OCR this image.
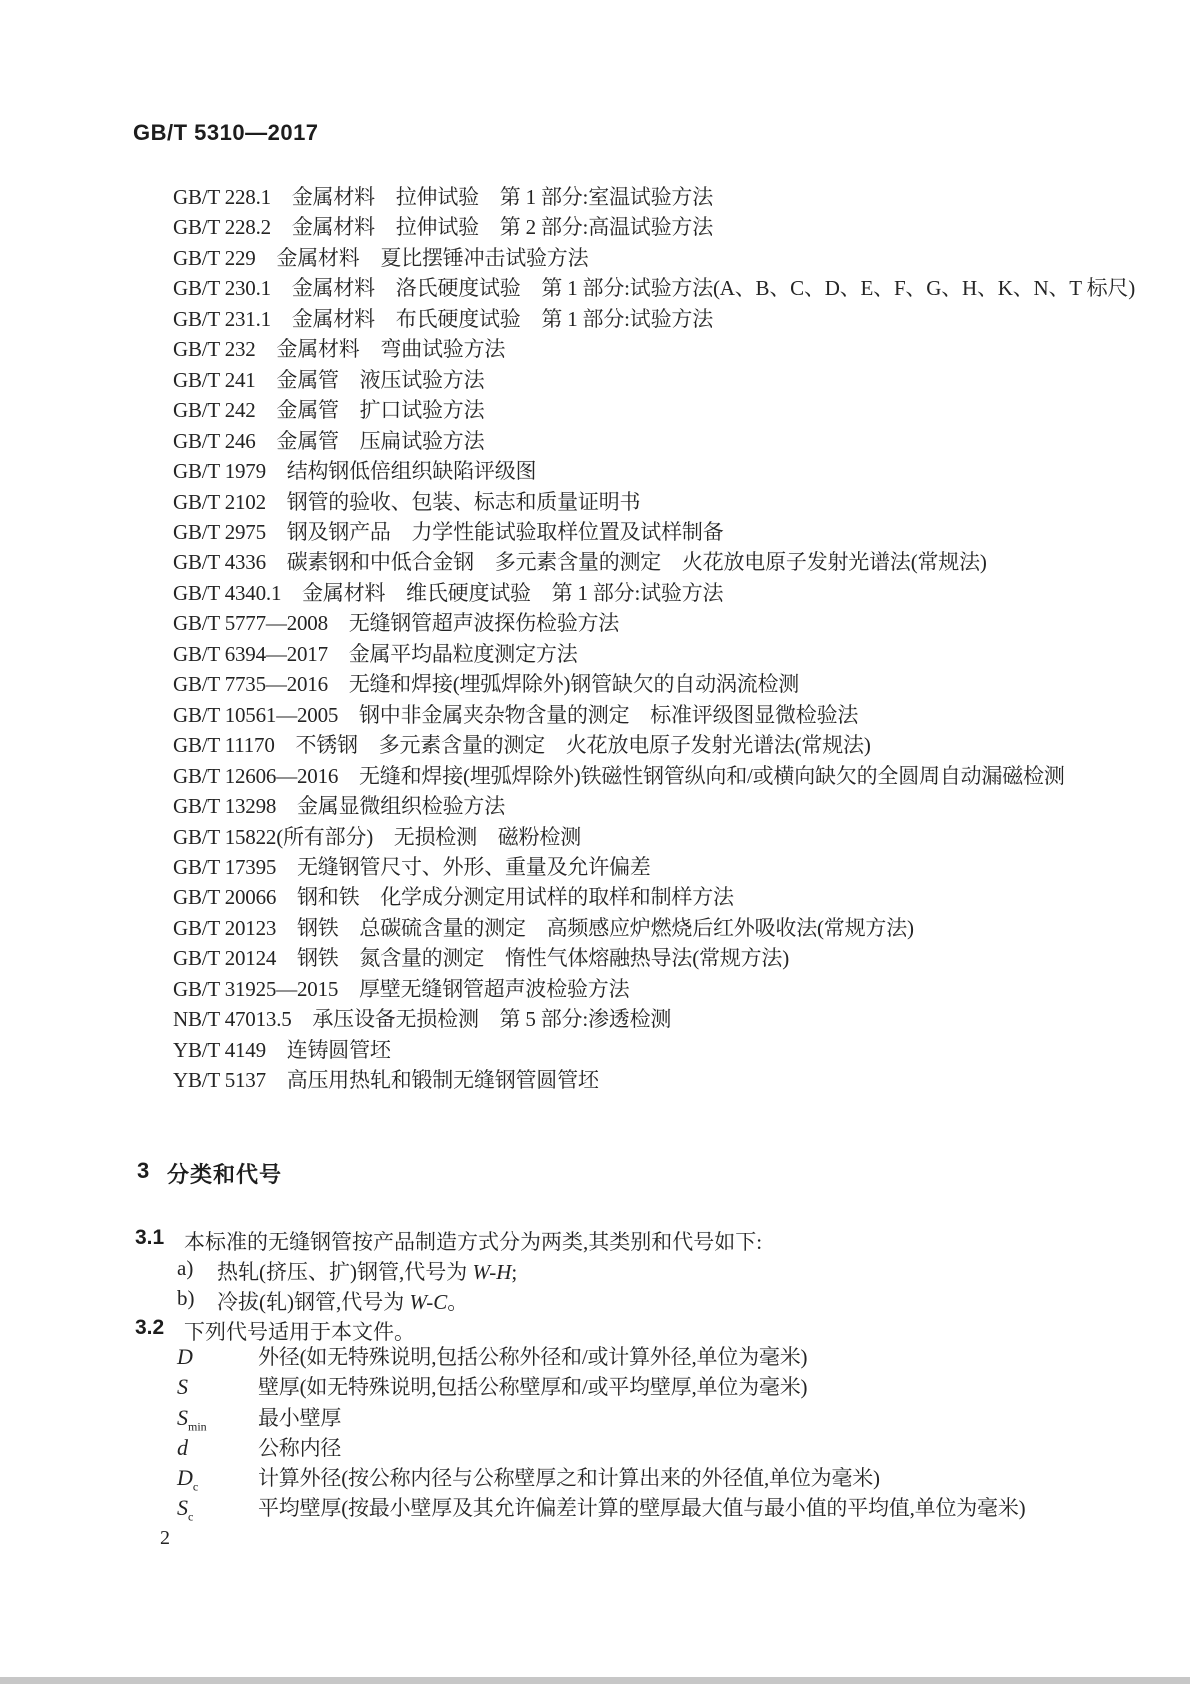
GB/T 5310—2017
GB/T 228.1　金属材料　拉伸试验　第 1 部分:室温试验方法
GB/T 228.2　金属材料　拉伸试验　第 2 部分:高温试验方法
GB/T 229　金属材料　夏比摆锤冲击试验方法
GB/T 230.1　金属材料　洛氏硬度试验　第 1 部分:试验方法(A、B、C、D、E、F、G、H、K、N、T 标尺)
GB/T 231.1　金属材料　布氏硬度试验　第 1 部分:试验方法
GB/T 232　金属材料　弯曲试验方法
GB/T 241　金属管　液压试验方法
GB/T 242　金属管　扩口试验方法
GB/T 246　金属管　压扁试验方法
GB/T 1979　结构钢低倍组织缺陷评级图
GB/T 2102　钢管的验收、包装、标志和质量证明书
GB/T 2975　钢及钢产品　力学性能试验取样位置及试样制备
GB/T 4336　碳素钢和中低合金钢　多元素含量的测定　火花放电原子发射光谱法(常规法)
GB/T 4340.1　金属材料　维氏硬度试验　第 1 部分:试验方法
GB/T 5777—2008　无缝钢管超声波探伤检验方法
GB/T 6394—2017　金属平均晶粒度测定方法
GB/T 7735—2016　无缝和焊接(埋弧焊除外)钢管缺欠的自动涡流检测
GB/T 10561—2005　钢中非金属夹杂物含量的测定　标准评级图显微检验法
GB/T 11170　不锈钢　多元素含量的测定　火花放电原子发射光谱法(常规法)
GB/T 12606—2016　无缝和焊接(埋弧焊除外)铁磁性钢管纵向和/或横向缺欠的全圆周自动漏磁检测
GB/T 13298　金属显微组织检验方法
GB/T 15822(所有部分)　无损检测　磁粉检测
GB/T 17395　无缝钢管尺寸、外形、重量及允许偏差
GB/T 20066　钢和铁　化学成分测定用试样的取样和制样方法
GB/T 20123　钢铁　总碳硫含量的测定　高频感应炉燃烧后红外吸收法(常规方法)
GB/T 20124　钢铁　氮含量的测定　惰性气体熔融热导法(常规方法)
GB/T 31925—2015　厚壁无缝钢管超声波检验方法
NB/T 47013.5　承压设备无损检测　第 5 部分:渗透检测
YB/T 4149　连铸圆管坯
YB/T 5137　高压用热轧和锻制无缝钢管圆管坯
3 分类和代号
3.1 本标准的无缝钢管按产品制造方式分为两类,其类别和代号如下:
a) 热轧(挤压、扩)钢管,代号为 W-H;
b) 冷拔(轧)钢管,代号为 W-C。
3.2 下列代号适用于本文件。
D	外径(如无特殊说明,包括公称外径和/或计算外径,单位为毫米)
S	壁厚(如无特殊说明,包括公称壁厚和/或平均壁厚,单位为毫米)
$S_{min}$ 最小壁厚
d	公称内径
$D_c$	计算外径(按公称内径与公称壁厚之和计算出来的外径值,单位为毫米)
$S_c$	平均壁厚(按最小壁厚及其允许偏差计算的壁厚最大值与最小值的平均值,单位为毫米)
2
